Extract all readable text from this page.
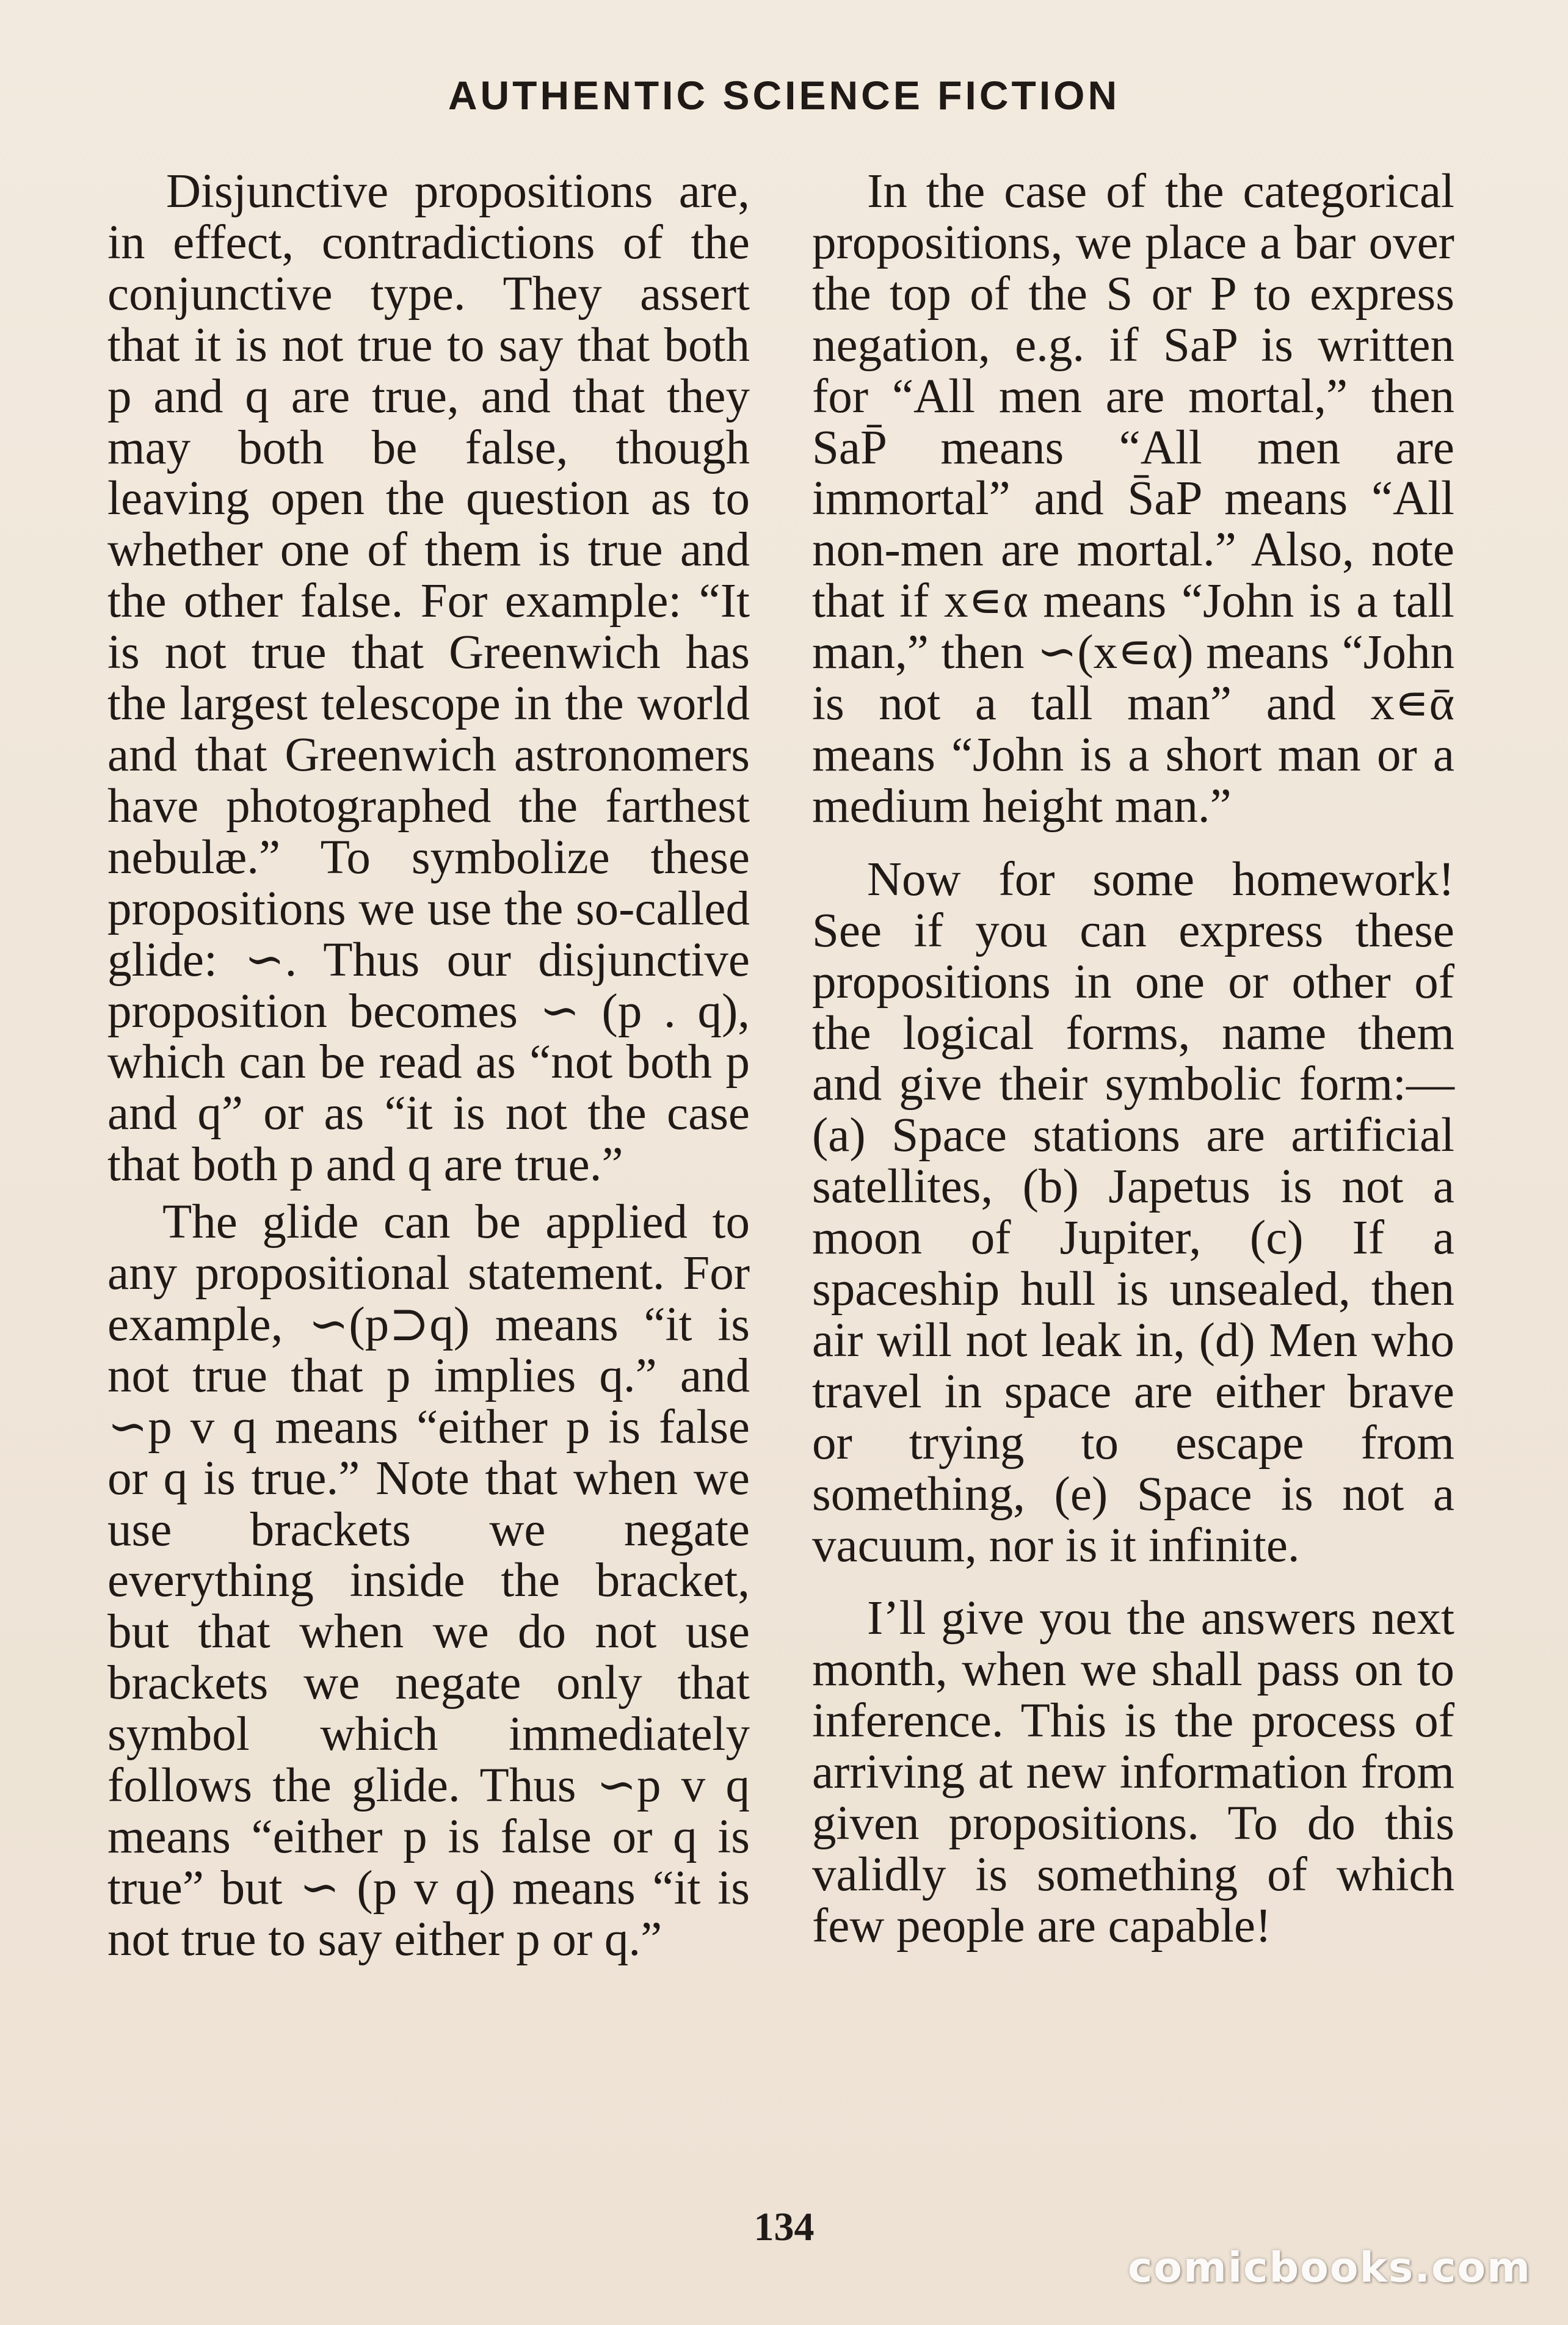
AUTHENTIC SCIENCE FICTION

Disjunctive propositions are, in effect, contradictions of the conjunctive type. They assert that it is not true to say that both p and q are true, and that they may both be false, though leaving open the question as to whether one of them is true and the other false. For example: “It is not true that Greenwich has the largest telescope in the world and that Greenwich astronomers have photographed the farthest nebulæ.” To symbolize these propositions we use the so-called glide: ∽. Thus our disjunctive proposition becomes ∽ (p . q), which can be read as “not both p and q” or as “it is not the case that both p and q are true.”

The glide can be applied to any propositional statement. For example, ∽(p⊃q) means “it is not true that p implies q.” and ∽p v q means “either p is false or q is true.” Note that when we use brackets we negate everything inside the bracket, but that when we do not use brackets we negate only that symbol which immediately follows the glide. Thus ∽p v q means “either p is false or q is true” but ∽ (p v q) means “it is not true to say either p or q.”

In the case of the categorical propositions, we place a bar over the top of the S or P to express negation, e.g. if SaP is written for “All men are mortal,” then SaP̄ means “All men are immortal” and S̄aP means “All non-men are mortal.” Also, note that if x∊α means “John is a tall man,” then ∽(x∊α) means “John is not a tall man” and x∊ᾱ means “John is a short man or a medium height man.”

Now for some homework! See if you can express these propositions in one or other of the logical forms, name them and give their symbolic form:—(a) Space stations are artificial satellites, (b) Japetus is not a moon of Jupiter, (c) If a spaceship hull is unsealed, then air will not leak in, (d) Men who travel in space are either brave or trying to escape from something, (e) Space is not a vacuum, nor is it infinite.

I’ll give you the answers next month, when we shall pass on to inference. This is the process of arriving at new information from given propositions. To do this validly is something of which few people are capable!

134
comicbooks.com
